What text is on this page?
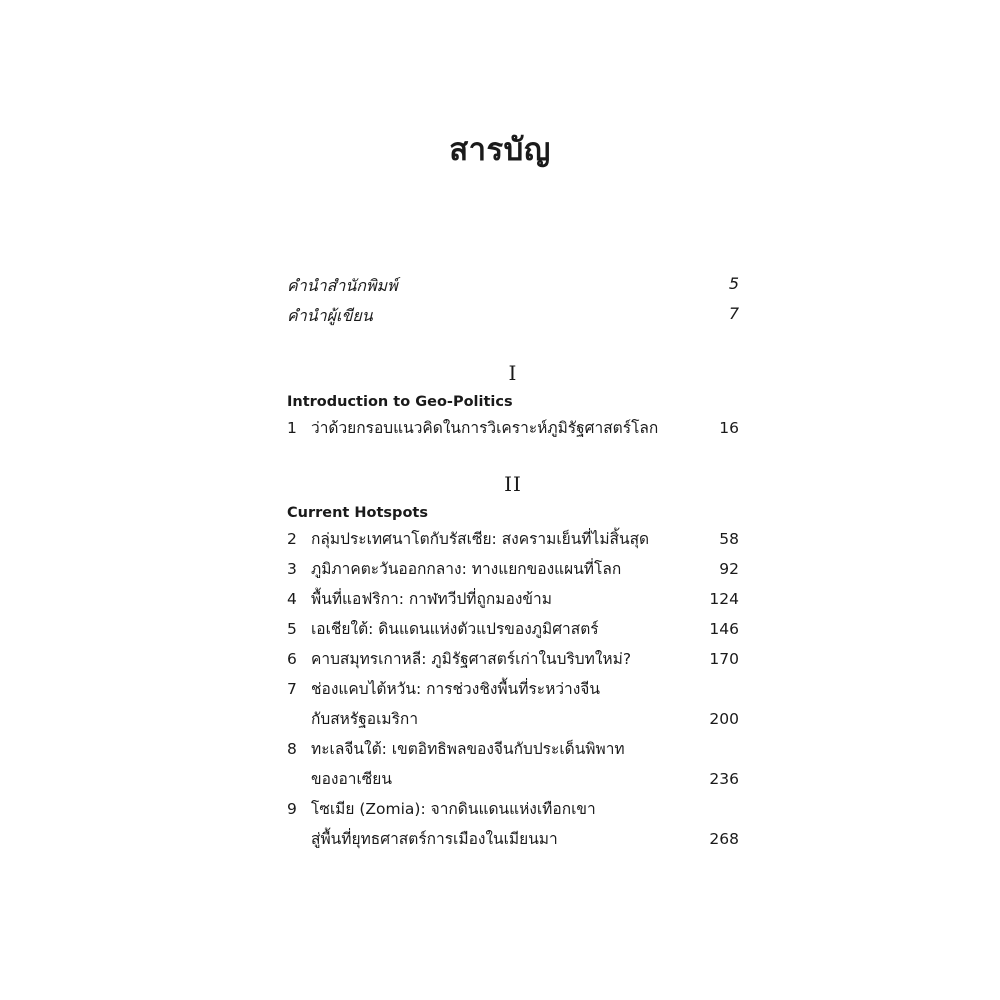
สารบัญ
คำนำสำนักพิมพ์	5
คำนำผู้เขียน	7
I
Introduction to Geo-Politics
1 ว่าด้วยกรอบแนวคิดในการวิเคราะห์ภูมิรัฐศาสตร์โลก	16
II
Current Hotspots
2 กลุ่มประเทศนาโตกับรัสเซีย: สงครามเย็นที่ไม่สิ้นสุด	58
3 ภูมิภาคตะวันออกกลาง: ทางแยกของแผนที่โลก	92
4 พื้นที่แอฟริกา: กาฬทวีปที่ถูกมองข้าม	124
5 เอเชียใต้: ดินแดนแห่งตัวแปรของภูมิศาสตร์	146
6 คาบสมุทรเกาหลี: ภูมิรัฐศาสตร์เก่าในบริบทใหม่?	170
7 ช่องแคบไต้หวัน: การช่วงชิงพื้นที่ระหว่างจีน
กับสหรัฐอเมริกา	200
8 ทะเลจีนใต้: เขตอิทธิพลของจีนกับประเด็นพิพาท
ของอาเซียน	236
9 โซเมีย (Zomia): จากดินแดนแห่งเทือกเขา
สู่พื้นที่ยุทธศาสตร์การเมืองในเมียนมา	268
